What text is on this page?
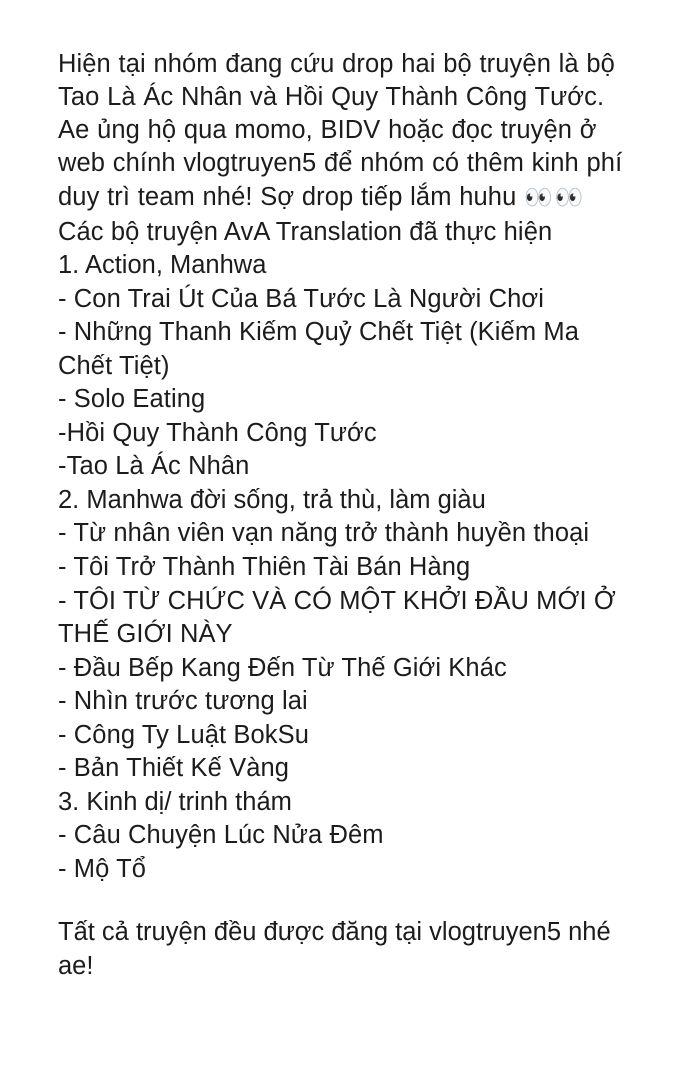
Hiện tại nhóm đang cứu drop hai bộ truyện là bộ Tao Là Ác Nhân và Hồi Quy Thành Công Tước. Ae ủng hộ qua momo, BIDV hoặc đọc truyện ở web chính vlogtruyen5 để nhóm có thêm kinh phí duy trì team nhé! Sợ drop tiếp lắm huhu 👀👀

Các bộ truyện AvA Translation đã thực hiện

1. Action, Manhwa

- Con Trai Út Của Bá Tước Là Người Chơi

- Những Thanh Kiếm Quỷ Chết Tiệt (Kiếm Ma Chết Tiệt)

- Solo Eating

-Hồi Quy Thành Công Tước

-Tao Là Ác Nhân

2. Manhwa đời sống, trả thù, làm giàu

- Từ nhân viên vạn năng trở thành huyền thoại

- Tôi Trở Thành Thiên Tài Bán Hàng

- TÔI TỪ CHỨC VÀ CÓ MỘT KHỞI ĐẦU MỚI Ở THẾ GIỚI NÀY

- Đầu Bếp Kang Đến Từ Thế Giới Khác

- Nhìn trước tương lai

- Công Ty Luật BokSu

- Bản Thiết Kế Vàng

3. Kinh dị/ trinh thám

- Câu Chuyện Lúc Nửa Đêm

- Mộ Tổ

Tất cả truyện đều được đăng tại vlogtruyen5 nhé ae!
